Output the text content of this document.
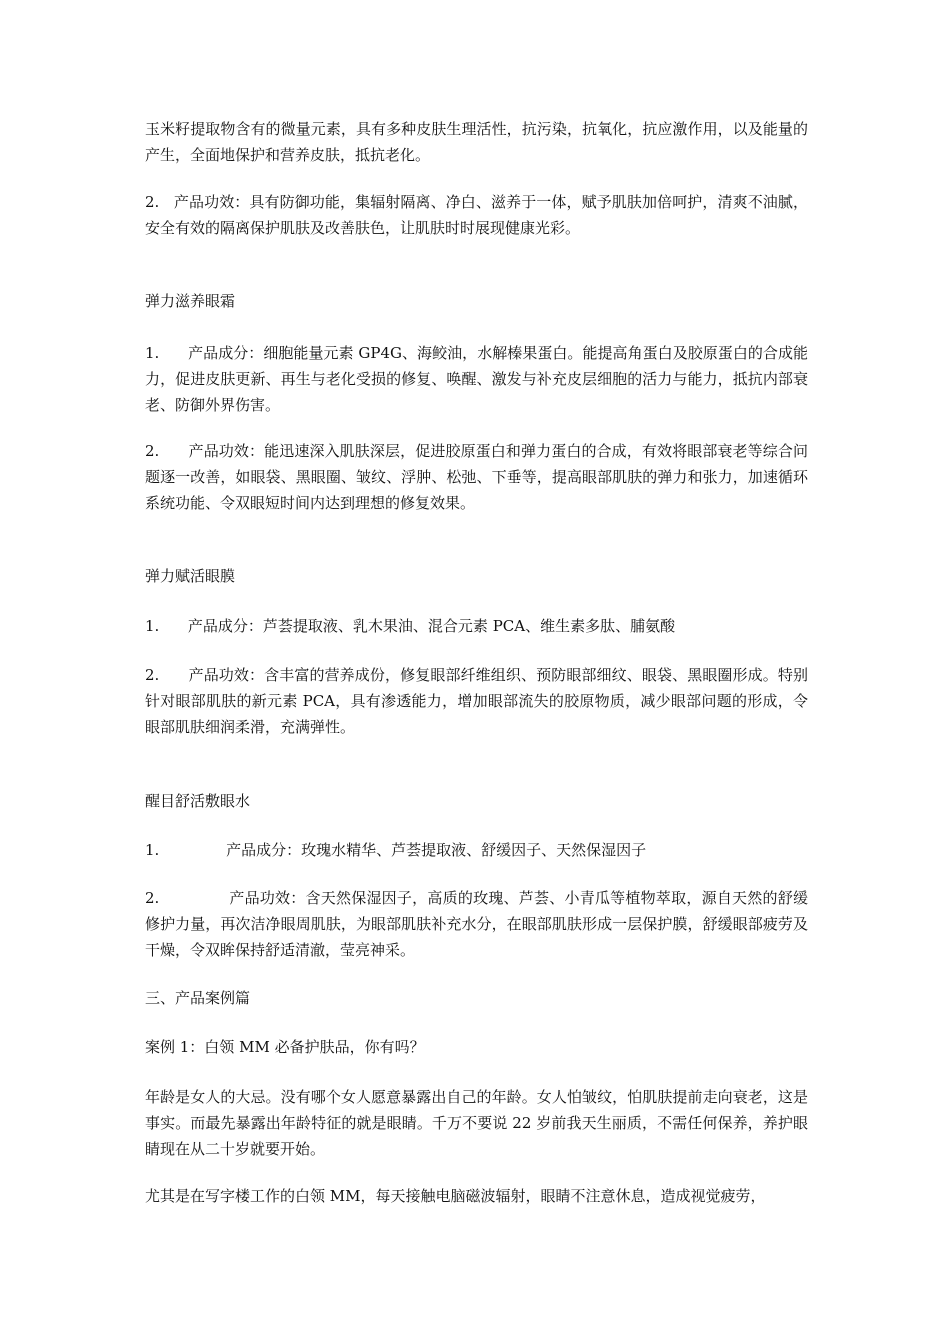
玉米籽提取物含有的微量元素，具有多种皮肤生理活性，抗污染，抗氧化，抗应激作用，以及能量的产生，全面地保护和营养皮肤，抵抗老化。

2.   产品功效：具有防御功能，集辐射隔离、净白、滋养于一体，赋予肌肤加倍呵护，清爽不油腻，安全有效的隔离保护肌肤及改善肤色，让肌肤时时展现健康光彩。

弹力滋养眼霜

1.      产品成分：细胞能量元素 GP4G、海鲛油，水解榛果蛋白。能提高角蛋白及胶原蛋白的合成能力，促进皮肤更新、再生与老化受损的修复、唤醒、激发与补充皮层细胞的活力与能力，抵抗内部衰老、防御外界伤害。

2.      产品功效：能迅速深入肌肤深层，促进胶原蛋白和弹力蛋白的合成，有效将眼部衰老等综合问题逐一改善，如眼袋、黑眼圈、皱纹、浮肿、松弛、下垂等，提高眼部肌肤的弹力和张力，加速循环系统功能、令双眼短时间内达到理想的修复效果。

弹力赋活眼膜

1.      产品成分：芦荟提取液、乳木果油、混合元素 PCA、维生素多肽、脯氨酸

2.      产品功效：含丰富的营养成份，修复眼部纤维组织、预防眼部细纹、眼袋、黑眼圈形成。特别针对眼部肌肤的新元素 PCA，具有渗透能力，增加眼部流失的胶原物质，减少眼部问题的形成，令眼部肌肤细润柔滑，充满弹性。

醒目舒活敷眼水

1.              产品成分：玫瑰水精华、芦荟提取液、舒缓因子、天然保湿因子

2.              产品功效：含天然保湿因子，高质的玫瑰、芦荟、小青瓜等植物萃取，源自天然的舒缓修护力量，再次洁净眼周肌肤，为眼部肌肤补充水分，在眼部肌肤形成一层保护膜，舒缓眼部疲劳及干燥，令双眸保持舒适清澈，莹亮神采。

三、产品案例篇

案例 1：白领 MM 必备护肤品，你有吗？

年龄是女人的大忌。没有哪个女人愿意暴露出自己的年龄。女人怕皱纹，怕肌肤提前走向衰老，这是事实。而最先暴露出年龄特征的就是眼睛。千万不要说 22 岁前我天生丽质，不需任何保养，养护眼睛现在从二十岁就要开始。

尤其是在写字楼工作的白领 MM，每天接触电脑磁波辐射，眼睛不注意休息，造成视觉疲劳，
